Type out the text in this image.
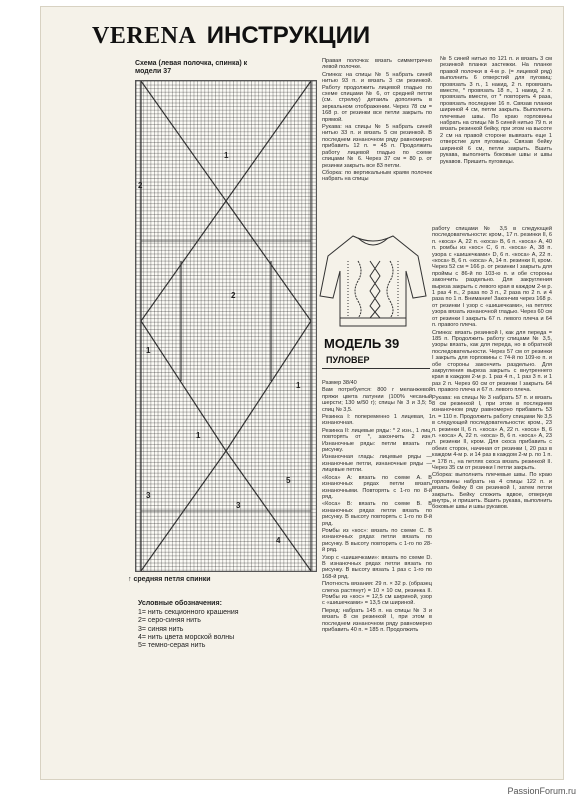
VERENA ИНСТРУКЦИИ
Схема (левая полочка, спинка) к модели 37
2
1
1
2
1
1
3
3
4
5
↑ средняя петля спинки
Условные обозначения:
1= нить секционного крашения
2= серо-синяя нить
3= синяя нить
4= нить цвета морской волны
5= темно-серая нить

Правая полочка: вязать симметрично левой полочке.

Спинка: на спицы № 5 набрать синей нитью 93 п. и вязать 3 см резинкой. Работу продолжить лицевой гладью по схеме спицами № 6, от средней петли (см. стрелку) детаиль дополнить в зеркальном отображении. Через 78 см = 168 р. от резинки все петли закрыть по прямой.

Рукава: на спицы № 5 набрать синей нитью 33 п. и вязать 5 см резинкой. В последнем изнаночном ряду равномерно прибавить 12 п. = 45 п. Продолжить работу лицевой гладью по схеме спицами № 6. Через 37 см = 80 р. от резинки закрыть все 83 петли.

Сборка: по вертикальным краям полочек набрать на спицы

№ 5 синей нитью по 121 п. и вязать 3 см резинкой планки застежки. На планке правой полочки в 4-м р. (= лицевой ряд) выполнить 6 отверстий для пуговиц: провязать 3 п., 1 накид, 2 п. провязать вместе, * провязать 18 п., 1 накид, 2 п. провязать вместе, от * повторить 4 раза, провязать последние 16 п. Связав планки шириной 4 см, петли закрыть. Выполнить плечевые швы. По краю горловины набрать на спицы № 5 синей нитью 79 п. и вязать резинкой бейку, при этом на высоте 2 см на правой стороне вывязать еще 1 отверстие для пуговицы. Связав бейку шириной 6 см, петли закрыть. Вшить рукава, выполнить боковые швы и швы рукавов. Пришить пуговицы.

МОДЕЛЬ 39
ПУЛОВЕР

Размер 38/40

Вам потребуется: 800 г меланжевой пряжи цвета латунии (100% чесаный шерсти; 130 м/50 г); спицы № 3 и 3,5; 5 спиц № 3,5.

Резинка I: попеременно 1 лицевая, 1 изнаночная.

Резинка II: лицевые ряды: * 2 изн., 1 лиц. повторять от *, закончить 2 изн. Изнаночные ряды: петли вязать по рисунку.

Изнаночная гладь: лицевые ряды — изнаночные петли, изнаночные ряды — лицевые петли.

«Коса» A: вязать по схеме A. В изнаночных рядах петли вязать изнаночными. Повторять с 1-го по 8-й ряд.

«Коса» B: вязать по схеме B. В изнаночных рядах петли вязать по рисунку. В высоту повторять с 1-го по 8-й ряд.

Ромбы из «кос»: вязать по схеме C. В изнаночных рядах петли вязать по рисунку. В высоту повторить с 1-го по 28-й ряд.

Узор с «шишечками»: вязать по схеме D. В изнаночных рядах петли вязать по рисунку. В высоту вязать 1 раз с 1-го по 168-й ряд.

Плотность вязания: 29 п. × 32 р. (образец слегка растянут) = 10 × 10 см, резинка II. Ромбы из «кос» = 12,5 см шириной, узор с «шишечками» = 13,5 см шириной.

Перед: набрать 145 п. на спицы № 3 и вязать 8 см резинкой I, при этом в последнем изнаночном ряду равномерно прибавить 40 п. = 185 п. Продолжить

работу спицами № 3,5 в следующей последовательности: кром., 17 п. резинки II, 6 п. «коса» A, 22 п. «коса» B, 6 п. «коса» A, 40 п. ромбы из «кос» C, 6 п. «коса» A, 38 п. узора с «шишечками» D, 6 п. «коса» A, 22 п. «коса» B, 6 п. «коса» A, 14 п. резинки II, кром. Через 52 см = 166 р. от резинки I закрыть для проймы с 86-й по 103-ю п. и обе стороны закончить раздельно. Для закругления выреза закрыть с левого края в каждом 2-м р. 1 раз 4 п., 2 раза по 3 п., 2 раза по 2 п. и 4 раза по 1 п. Внимание! Закончив через 168 р. от резинки I узор с «шишечками», на петлях узора вязать изнаночной гладью. Через 60 см от резинки I закрыть 67 п. левого плеча и 64 п. правого плеча.

Спинка: вязать резинкой I, как для переда = 185 п. Продолжить работу спицами № 3,5, узоры вязать, как для переда, но в обратной последовательности. Через 57 см от резинки I закрыть для горловины с 74-й по 109-ю п. и обе стороны закончить раздельно. Для закругления выреза закрыть с внутреннего края в каждом 2-м р. 1 раз 4 п., 1 раз 3 п. и 1 раз 2 п. Через 60 см от резинки I закрыть 64 п. правого плеча и 67 п. левого плеча.

Рукава: на спицы № 3 набрать 57 п. и вязать 8 см резинкой I, при этом в последнем изнаночном ряду равномерно прибавить 53 п. = 110 п. Продолжить работу спицами № 3,5 в следующей последовательности: кром., 23 п. резинки II, 6 п. «коса» A, 22 п. «коса» B, 6 п. «коса» A, 22 п. «коса» B, 6 п. «коса» A, 23 п. резинки II, кром. Для скоса прибавить с обеих сторон, начиная от резинки I, 20 раз в каждом 4-м р. и 14 раз в каждом 2-м р. по 1 п. = 178 п., на петлях скоса вязать резинкой II. Через 35 см от резинки I петли закрыть.

Сборка: выполнить плечевые швы. По краю горловины набрать на 4 спицы 122 п. и вязать бейку 8 см резинкой I, затем петли закрыть. Бейку сложить вдвое, отвернув внутрь, и пришить. Вшить рукава, выполнить боковые швы и швы рукавов.

PassionForum.ru
